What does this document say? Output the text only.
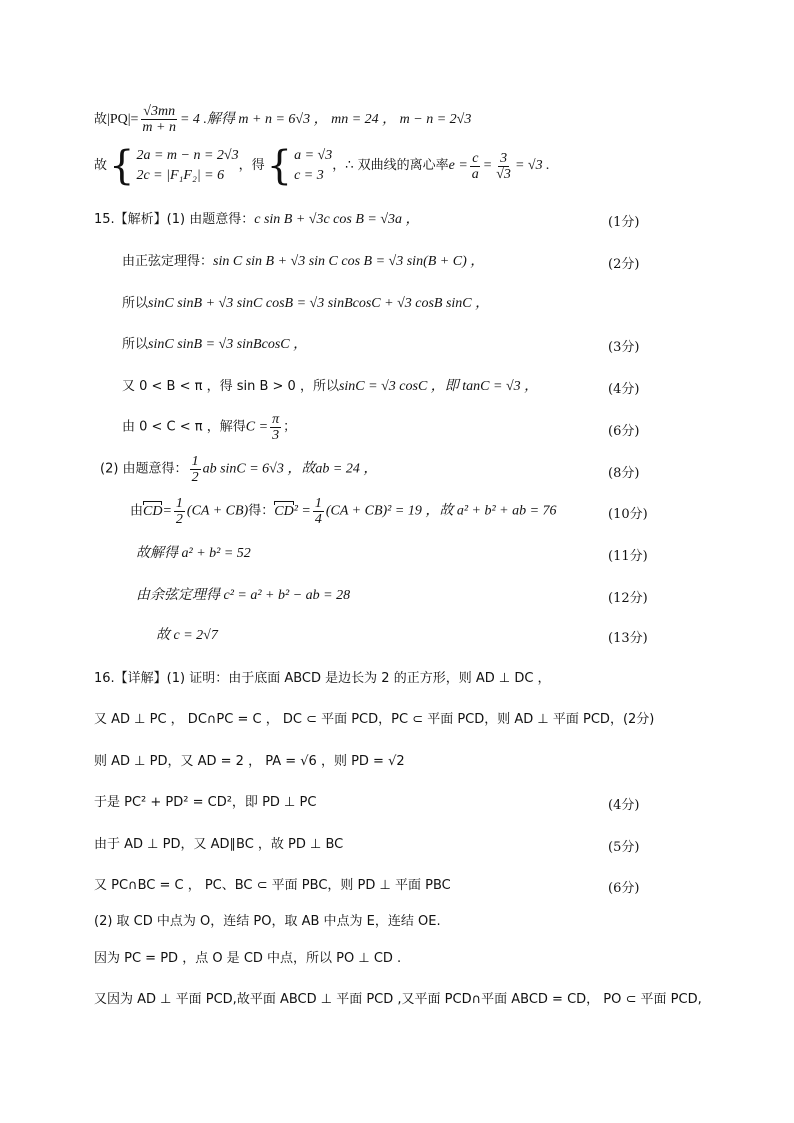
故$|PQ|= \frac{√3mn}{m + n} = 4$ .解得 m + n = 6√3 ， mn = 24 ， m − n = 2√3
故 { 2a = m − n = 2√3
2c = |F₁F₂| = 6
，得 { a = √3
c = 3
，∴ 双曲线的离心率$e = \frac{c}{a} = \frac{3}{√3} = √3$ .
15.【解析】(1) 由题意得：c sin B + √3c cos B = √3a ，	(1分)
由正弦定理得：sin C sin B + √3 sin C cos B = √3 sin(B + C) ，	(2分)
所以sinC sinB + √3 sinC cosB = √3 sinBcosC + √3 cosB sinC ，
所以sinC sinB = √3 sinBcosC ，	(3分)
又 0 < B < π ，得 sin B > 0 ，所以sinC = √3 cosC ，即 tanC = √3 ，	(4分)
由 0 < C < π ，解得$C = \frac{\pi}{3}$ ；	(6分)
(2) 由题意得： $\frac{1}{2}$ ab sinC = 6√3 ，故ab = 24 ，	(8分)
由$CD= \frac{1}{2} (CA + CB)$得：$CD^2 = \frac{1}{4} (CA + CB)^2 = 19$ ，故 a² + b² + ab = 76	(10分)
故解得 a² + b² = 52	(11分)
由余弦定理得 c² = a² + b² − ab = 28	(12分)
故 c = 2√7	(13分)
16.【详解】(1) 证明：由于底面 ABCD 是边长为 2 的正方形，则 AD ⊥ DC ，
又 AD ⊥ PC ， DC∩PC = C ， DC ⊂ 平面 PCD，PC ⊂ 平面 PCD，则 AD ⊥ 平面 PCD，(2分)
则 AD ⊥ PD，又 AD = 2 ， PA = √6 ，则 PD = √2
于是 PC² + PD² = CD²，即 PD ⊥ PC	(4分)
由于 AD ⊥ PD，又 AD∥BC ，故 PD ⊥ BC	(5分)
又 PC∩BC = C ， PC、BC ⊂ 平面 PBC，则 PD ⊥ 平面 PBC	(6分)
(2) 取 CD 中点为 O，连结 PO，取 AB 中点为 E，连结 OE.
因为 PC = PD ，点 O 是 CD 中点，所以 PO ⊥ CD .
又因为 AD ⊥ 平面 PCD,故平面 ABCD ⊥ 平面 PCD ,又平面 PCD∩平面 ABCD = CD， PO ⊂ 平面 PCD,
